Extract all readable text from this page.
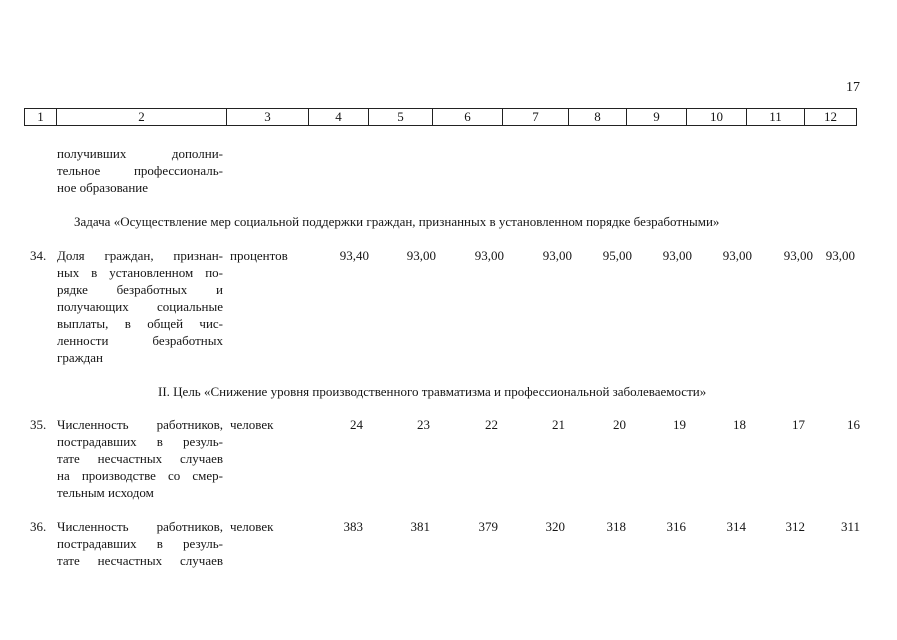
17
1	2	3	4	5	6	7	8	9	10	11	12
получивших дополни-
тельное профессиональ-
ное образование
Задача «Осуществление мер социальной поддержки граждан, признанных в установленном порядке безработными»
34. Доля граждан, признан-
ных в установленном по-
рядке безработных и
получающих социальные
выплаты, в общей чис-
ленности безработных
граждан
процентов	93,40	93,00	93,00	93,00	95,00	93,00	93,00	93,00 93,00
II. Цель «Снижение уровня производственного травматизма и профессиональной заболеваемости»
35. Численность работников,
пострадавших в резуль-
тате несчастных случаев
на производстве со смер-
тельным исходом
человек	24	23	22	21	20	19	18	17	16
36. Численность работников,
пострадавших в резуль-
тате несчастных случаев
человек	383	381	379	320	318	316	314	312	311
